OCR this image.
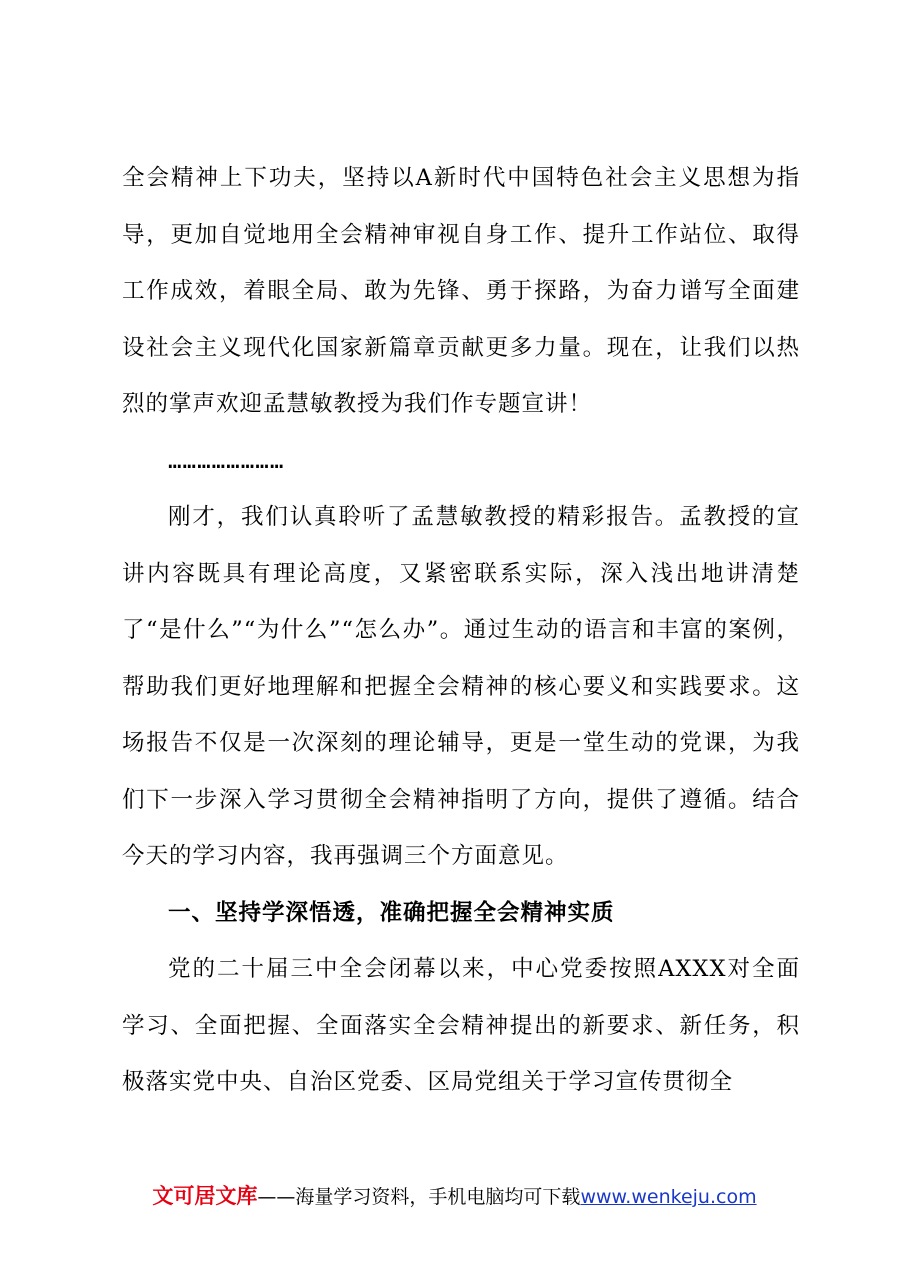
全会精神上下功夫，坚持以A新时代中国特色社会主义思想为指导，更加自觉地用全会精神审视自身工作、提升工作站位、取得工作成效，着眼全局、敢为先锋、勇于探路，为奋力谱写全面建设社会主义现代化国家新篇章贡献更多力量。现在，让我们以热烈的掌声欢迎孟慧敏教授为我们作专题宣讲！

……………………

刚才，我们认真聆听了孟慧敏教授的精彩报告。孟教授的宣讲内容既具有理论高度，又紧密联系实际，深入浅出地讲清楚了“是什么”“为什么”“怎么办”。通过生动的语言和丰富的案例，帮助我们更好地理解和把握全会精神的核心要义和实践要求。这场报告不仅是一次深刻的理论辅导，更是一堂生动的党课，为我们下一步深入学习贯彻全会精神指明了方向，提供了遵循。结合今天的学习内容，我再强调三个方面意见。

一、坚持学深悟透，准确把握全会精神实质

党的二十届三中全会闭幕以来，中心党委按照AXXX对全面学习、全面把握、全面落实全会精神提出的新要求、新任务，积极落实党中央、自治区党委、区局党组关于学习宣传贯彻全

文可居文库——海量学习资料，手机电脑均可下载www.wenkeju.com
